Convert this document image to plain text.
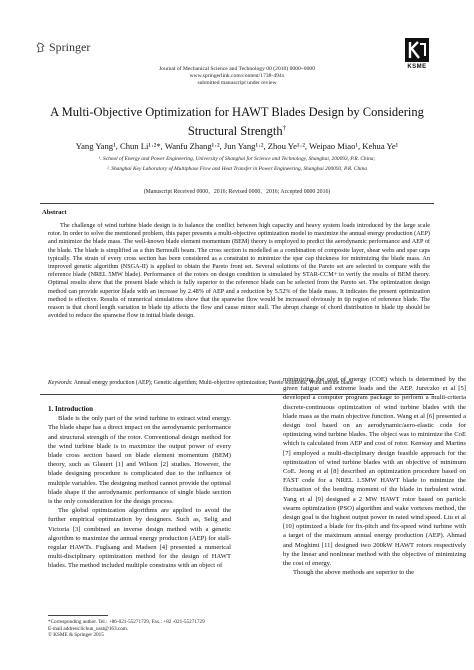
Springer
Journal of Mechanical Science and Technology 00 (2010) 0000~0000
www.springerlink.com/content/1738-494x
submitted manuscript under review
KSME
A Multi-Objective Optimization for HAWT Blades Design by Considering
Structural Strength†
Yang Yang¹, Chun Li¹·²*, Wanfu Zhang¹·², Jun Yang¹·², Zhou Ye¹·², Weipao Miao¹, Kehua Ye¹
¹. School of Energy and Power Engineering, University of Shanghai for Science and Technology, Shanghai, 200093, P.R. China;
². Shanghai Key Laboratory of Multiphase Flow and Heat Transfer in Power Engineering, Shanghai 200093, P.R. China
(Manuscript Received 0000，2016; Revised 0000，2016; Accepted 0000 2016)
Abstract

The challenge of wind turbine blade design is to balance the conflict between high capacity and heavy system loads introduced by the large scale rotor. In order to solve the mentioned problem, this paper presents a multi-objective optimization model to maximize the annual energy production (AEP) and minimize the blade mass. The well-known blade element momentum (BEM) theory is employed to predict the aerodynamic performance and AEP of the blade. The blade is simplified as a thin Bernoulli beam. The cross section is modelled as a combination of composite layer, shear webs and spar caps typically. The strain of every cross section has been considered as a constraint to minimize the spar cap thickness for minimizing the blade mass. An improved genetic algorithm (NSGA-II) is applied to obtain the Pareto front set. Several solutions of the Pareto set are selected to compare with the reference blade (NREL 5MW blade). Performance of the rotors on design condition is simulated by STAR-CCM+ to verify the results of BEM theory. Optimal results show that the present blade which is fully superior to the reference blade can be selected from the Pareto set. The optimization design method can provide superior blade with an increase by 2.48% of AEP and a reduction by 5.52% of the blade mass. It indicates the present optimization method is effective. Results of numerical simulations show that the spanwise flow would be increased obviously in tip region of reference blade. The reason is that chord length variation in blade tip affects the flow and cause minor stall. The abrupt change of chord distribution in blade tip should be avoided to reduce the spanwise flow in initial blade design.

Keywords: Annual energy production (AEP); Genetic algorithm; Multi-objective optimization; Pareto solutions; Wind turbine blade

1. Introduction

Blade is the only part of the wind turbine to extract wind energy. The blade shape has a direct impact on the aerodynamic performance and structural strength of the rotor. Conventional design method for the wind turbine blade is to maximize the output power of every blade cross section based on blade element momentum (BEM) theory, such as Glauert [1] and Wilson [2] studies. However, the blade designing procedure is complicated due to the influence of multiple variables. The designing method cannot provide the optimal blade shape if the aerodynamic performance of single blade section is the only consideration for the design process.

The global optimization algorithms are applied to avoid the further empirical optimization by designers. Such as, Selig and Victoria [3] combined an inverse design method with a genetic algorithm to maximize the annual energy production (AEP) for stall-regular HAWTs. Fuglsang and Madsen [4] presented a numerical multi-disciplinary optimization method for the design of HAWT blades. The method included multiple constrains with an object of

minimizing the cost of energy (COE) which is determined by the given fatigue and extreme loads and the AEP. Jureczko et al [5] developed a computer program package to perform a multi-criteria discrete-continuous optimization of wind turbine blades with the blade mass as the main objective function. Wang et al [6] presented a design tool based on an aerodynamic/aero-elastic code for optimizing wind turbine blades. The object was to minimize the CoE which is calculated from AEP and cost of rotor. Kenway and Martins [7] employed a multi-disciplinary design feasible approach for the optimization of wind turbine blades with an objective of minimum CoE. Jeong et al [8] described an optimization procedure based on FAST code for a NREL 1.5MW HAWT blade to minimize the fluctuation of the bending moment of the blade in turbulent wind. Yang et al [9] designed a 2 MW HAWT rotor based on particle swarm optimization (PSO) algorithm and wake vortexes method, the design goal is the highest output power in rated wind speed. Liu et al [10] optimized a blade for fix-pitch and fix-speed wind turbine with a target of the maximum annual energy production (AEP). Ahmad and Moghimi [11] designed two 200kW HAWT rotors respectively by the linear and nonlinear method with the objective of minimizing the cost of energy.

Though the above methods are superior to the

*Corresponding author. Tel.: +86-021-55271729, Fax.: +82 -021-55271729
E-mail address:lichun_usst@163.com.
© KSME & Springer 2015
